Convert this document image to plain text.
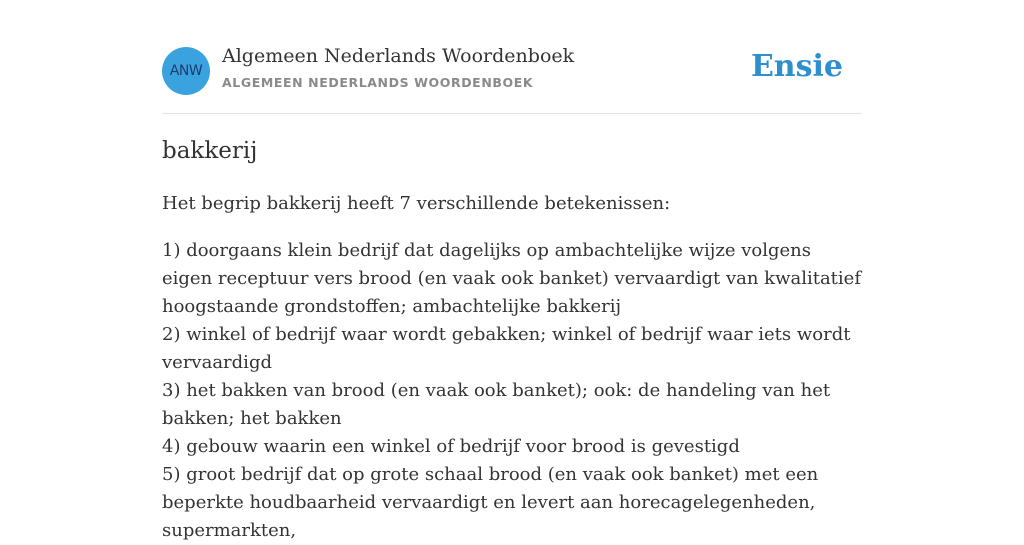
ANW
Algemeen Nederlands Woordenboek
ALGEMEEN NEDERLANDS WOORDENBOEK	Ensie
bakkerij

Het begrip bakkerij heeft 7 verschillende betekenissen:

1) doorgaans klein bedrijf dat dagelijks op ambachtelijke wijze volgens eigen receptuur vers brood (en vaak ook banket) vervaardigt van kwalitatief hoogstaande grondstoffen; ambachtelijke bakkerij
2) winkel of bedrijf waar wordt gebakken; winkel of bedrijf waar iets wordt vervaardigd
3) het bakken van brood (en vaak ook banket); ook: de handeling van het bakken; het bakken
4) gebouw waarin een winkel of bedrijf voor brood is gevestigd
5) groot bedrijf dat op grote schaal brood (en vaak ook banket) met een beperkte houdbaarheid vervaardigt en levert aan horecagelegenheden, supermarkten,
